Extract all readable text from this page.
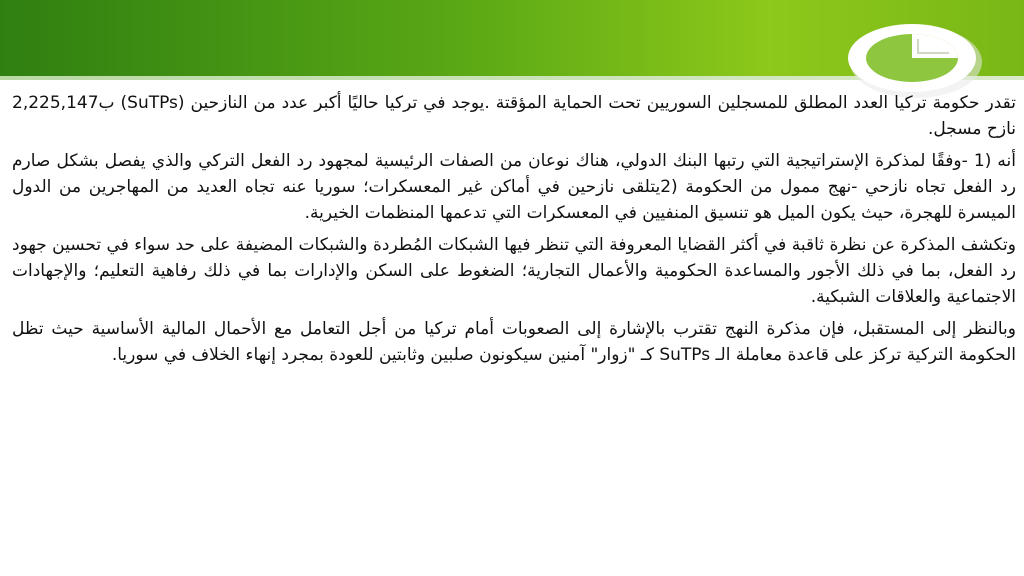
تقدر حكومة تركيا العدد المطلق للمسجلين السوريين تحت الحماية المؤقتة .يوجد في تركيا حاليًا أكبر عدد من النازحين (SuTPs) ب2,225,147 نازح مسجل.

أنه (1 -وفقًا لمذكرة الإستراتيجية التي رتبها البنك الدولي، هناك نوعان من الصفات الرئيسية لمجهود رد الفعل التركي والذي يفصل بشكل صارم رد الفعل تجاه نازحي -نهج ممول من الحكومة (2يتلقى نازحين في أماكن غير المعسكرات؛ سوريا عنه تجاه العديد من المهاجرين من الدول الميسرة للهجرة، حيث يكون الميل هو تنسيق المنفيين في المعسكرات التي تدعمها المنظمات الخيرية.

وتكشف المذكرة عن نظرة ثاقبة في أكثر القضايا المعروفة التي تنظر فيها الشبكات المُطردة والشبكات المضيفة على حد سواء في تحسين جهود رد الفعل، بما في ذلك الأجور والمساعدة الحكومية والأعمال التجارية؛ الضغوط على السكن والإدارات بما في ذلك رفاهية التعليم؛ والإجهادات الاجتماعية والعلاقات الشبكية.

وبالنظر إلى المستقبل، فإن مذكرة النهج تقترب بالإشارة إلى الصعوبات أمام تركيا من أجل التعامل مع الأحمال المالية الأساسية حيث تظل الحكومة التركية تركز على قاعدة معاملة الـ SuTPs كـ "زوار" آمنين سيكونون صلبين وثابتين للعودة بمجرد إنهاء الخلاف في سوريا.
